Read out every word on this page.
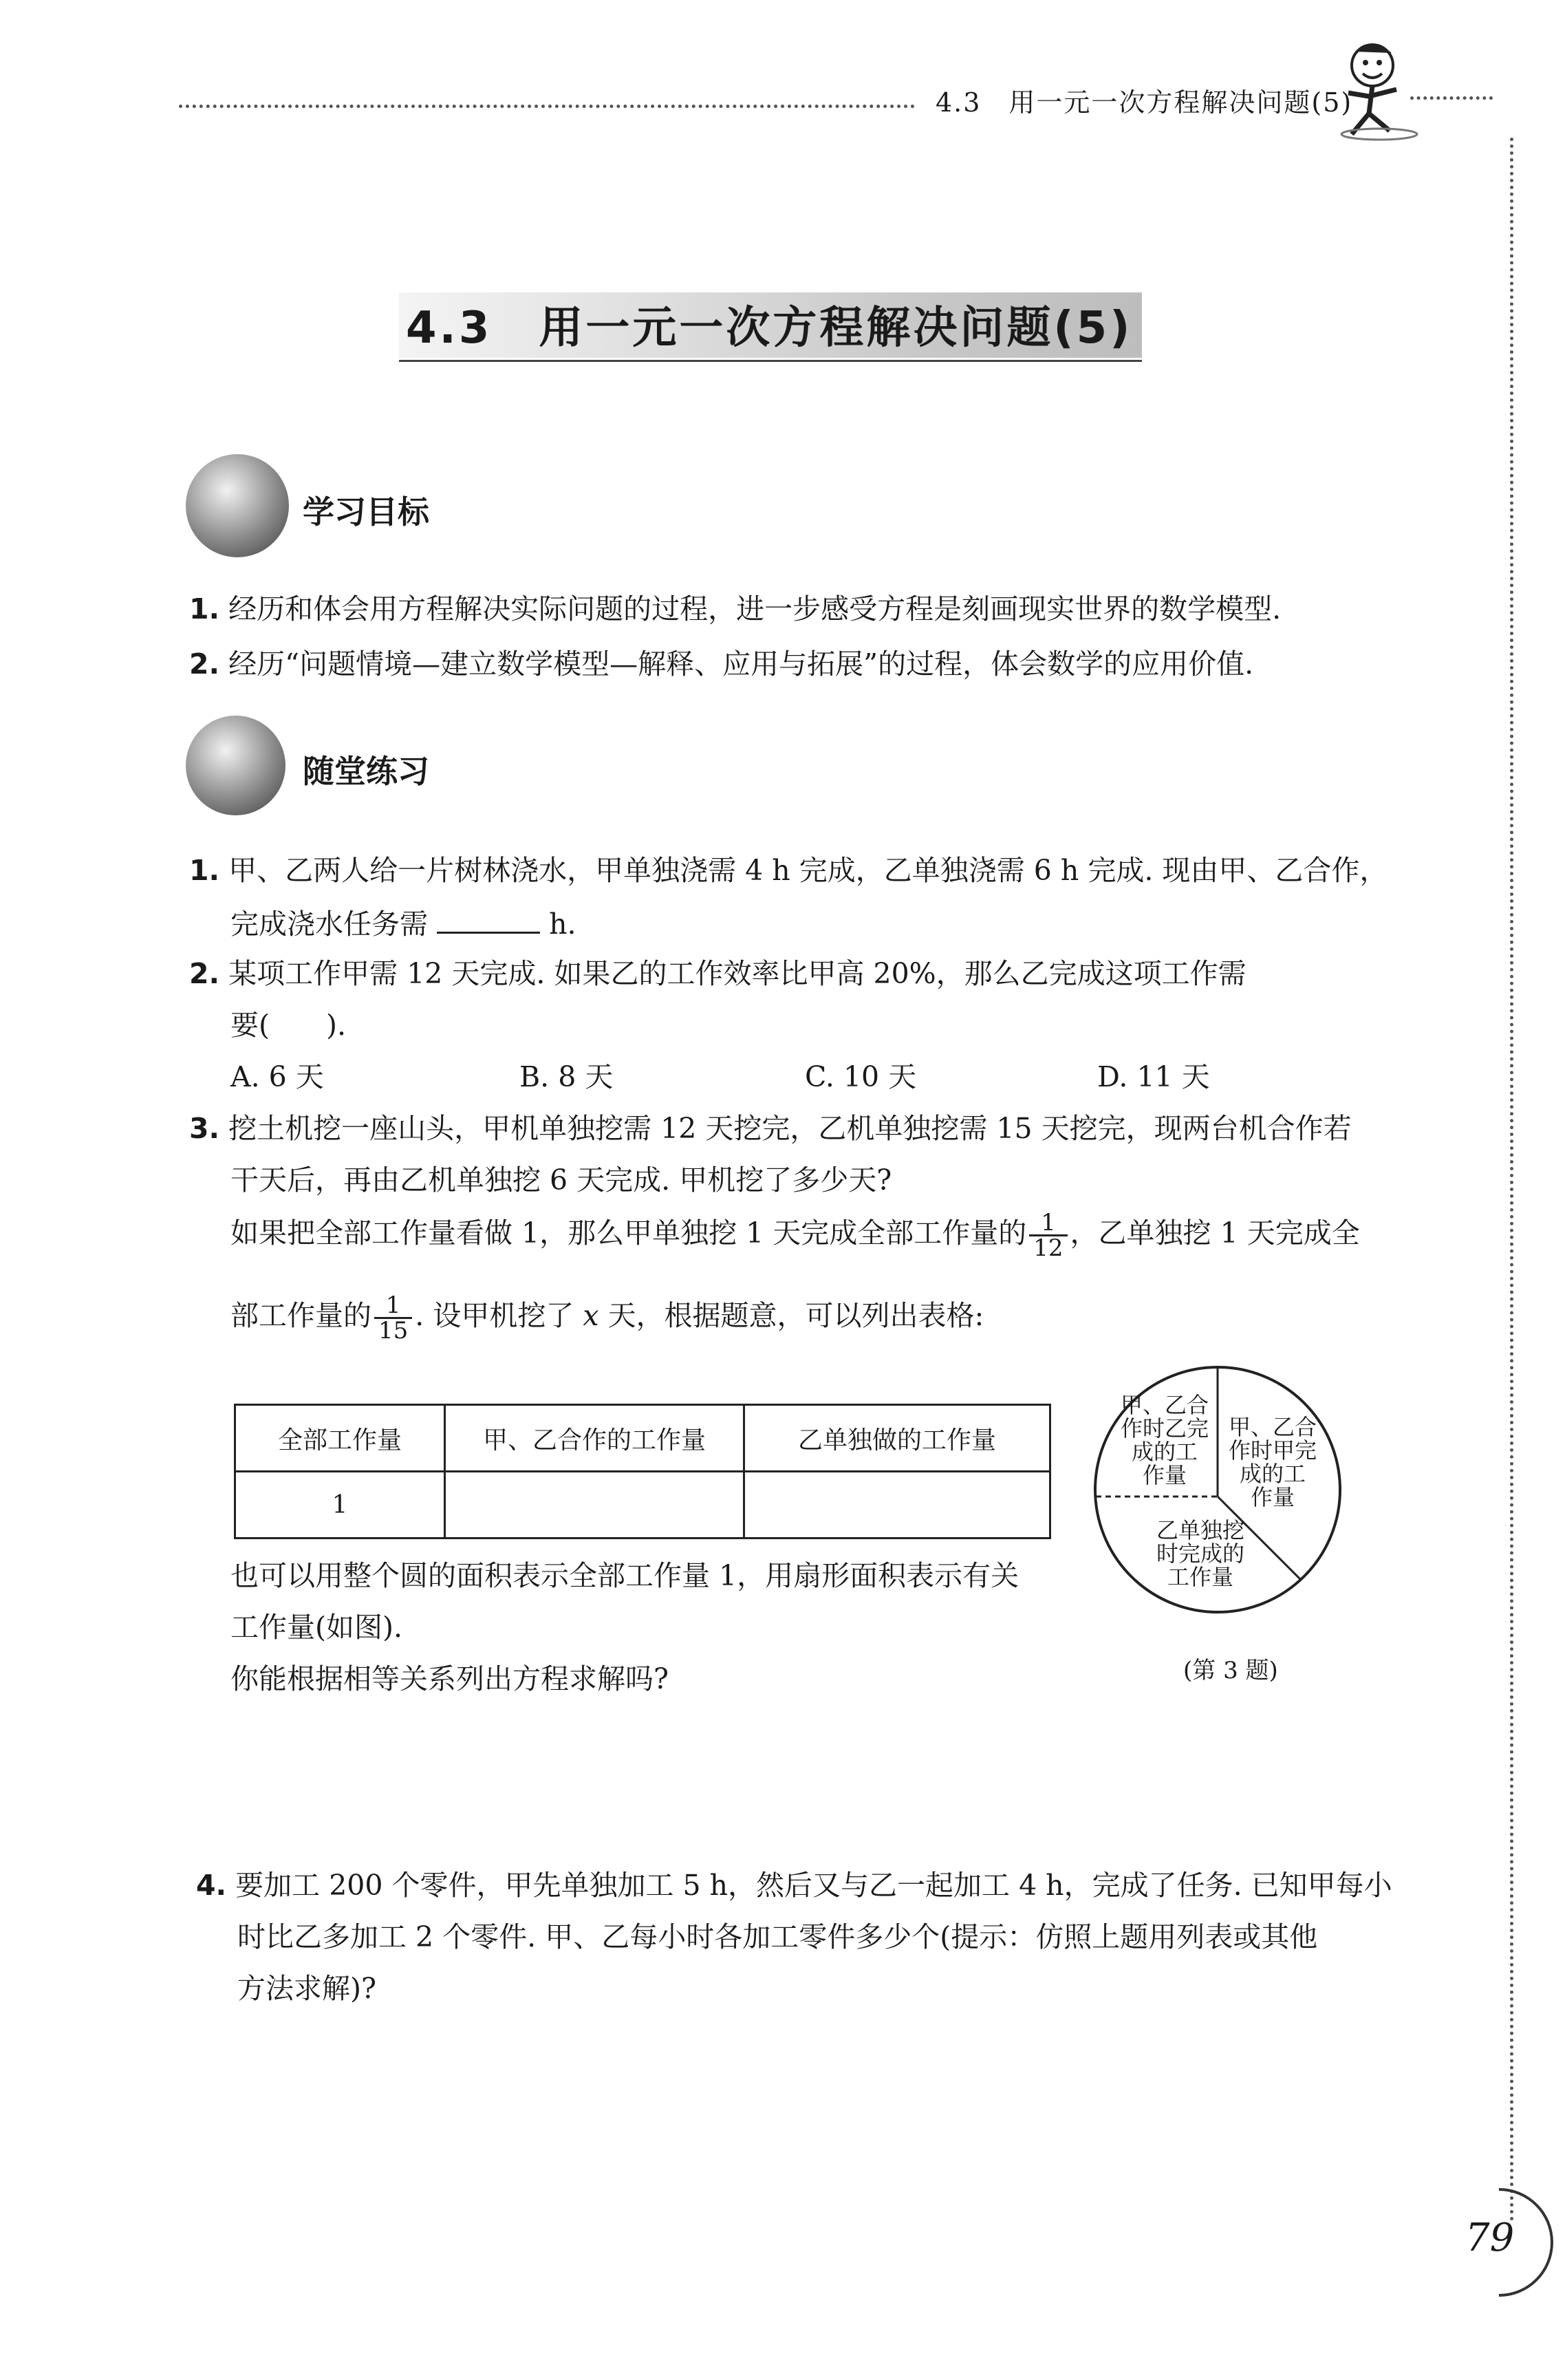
4.3　用一元一次方程解决问题(5)
4.3　用一元一次方程解决问题(5)
学习目标
1. 经历和体会用方程解决实际问题的过程，进一步感受方程是刻画现实世界的数学模型.
2. 经历“问题情境—建立数学模型—解释、应用与拓展”的过程，体会数学的应用价值.
随堂练习
1. 甲、乙两人给一片树林浇水，甲单独浇需 4 h 完成，乙单独浇需 6 h 完成. 现由甲、乙合作，
完成浇水任务需	h.
2. 某项工作甲需 12 天完成. 如果乙的工作效率比甲高 20%，那么乙完成这项工作需
要(　　).
A. 6 天	B. 8 天	C. 10 天	D. 11 天
3. 挖土机挖一座山头，甲机单独挖需 12 天挖完，乙机单独挖需 15 天挖完，现两台机合作若
干天后，再由乙机单独挖 6 天完成. 甲机挖了多少天?
如果把全部工作量看做 1，那么甲单独挖 1 天完成全部工作量的 $\frac{1}{12}$ ，乙单独挖 1 天完成全
部工作量的 $\frac{1}{15}$ . 设甲机挖了 x 天，根据题意，可以列出表格:
全部工作量	甲、乙合作的工作量	乙单独做的工作量
1		
也可以用整个圆的面积表示全部工作量 1，用扇形面积表示有关
工作量(如图).
你能根据相等关系列出方程求解吗?
甲、乙合
作时乙完
成的工
作量
甲、乙合
作时甲完
成的工
作量
乙单独挖
时完成的
工作量
(第 3 题)
4. 要加工 200 个零件，甲先单独加工 5 h，然后又与乙一起加工 4 h，完成了任务. 已知甲每小
时比乙多加工 2 个零件. 甲、乙每小时各加工零件多少个(提示：仿照上题用列表或其他
方法求解)?
79
